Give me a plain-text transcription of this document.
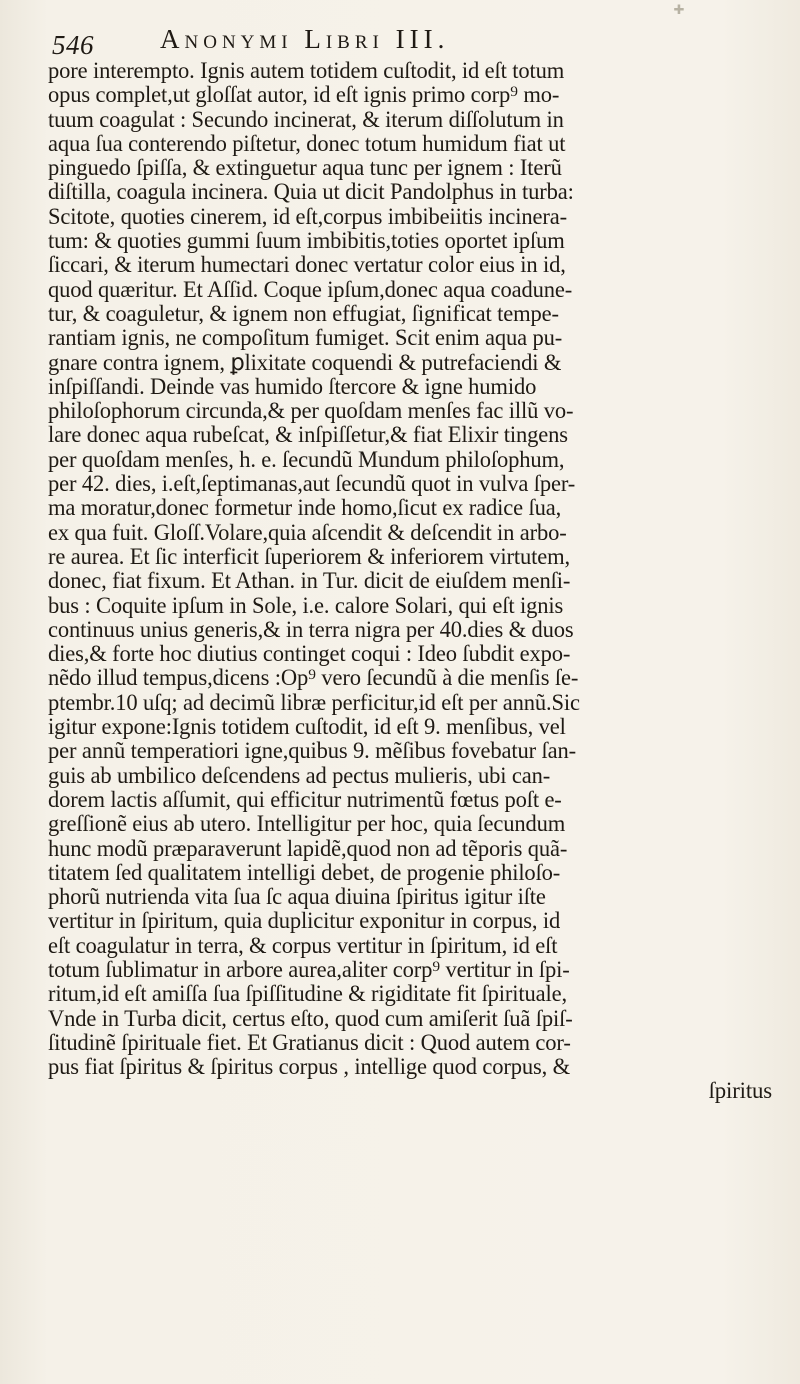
✚
546 Anonymi Libri III.
pore interempto. Ignis autem totidem cuſtodit, id eſt totum
opus complet,ut gloſſat autor, id eſt ignis primo corp⁹ mo-
tuum coagulat : Secundo incinerat, & iterum diſſolutum in
aqua ſua conterendo piſtetur, donec totum humidum fiat ut
pinguedo ſpiſſa, & extinguetur aqua tunc per ignem : Iterũ
diſtilla, coagula incinera. Quia ut dicit Pandolphus in turba:
Scitote, quoties cinerem, id eſt,corpus imbibeiitis incinera-
tum: & quoties gummi ſuum imbibitis,toties oportet ipſum
ſiccari, & iterum humectari donec vertatur color eius in id,
quod quæritur. Et Aſſid. Coque ipſum,donec aqua coadune-
tur, & coaguletur, & ignem non effugiat, ſignificat tempe-
rantiam ignis, ne compoſitum fumiget. Scit enim aqua pu-
gnare contra ignem, ꝑlixitate coquendi & putrefaciendi &
inſpiſſandi. Deinde vas humido ſtercore & igne humido
philoſophorum circunda,& per quoſdam menſes fac illũ vo-
lare donec aqua rubeſcat, & inſpiſſetur,& fiat Elixir tingens
per quoſdam menſes, h. e. ſecundũ Mundum philoſophum,
per 42. dies, i.eſt,ſeptimanas,aut ſecundũ quot in vulva ſper-
ma moratur,donec formetur inde homo,ſicut ex radice ſua,
ex qua fuit. Gloſſ.Volare,quia aſcendit & deſcendit in arbo-
re aurea. Et ſic interficit ſuperiorem & inferiorem virtutem,
donec, fiat fixum. Et Athan. in Tur. dicit de eiuſdem menſi-
bus : Coquite ipſum in Sole, i.e. calore Solari, qui eſt ignis
continuus unius generis,& in terra nigra per 40.dies & duos
dies,& forte hoc diutius continget coqui : Ideo ſubdit expo-
nẽdo illud tempus,dicens :Op⁹ vero ſecundũ à die menſis ſe-
ptembr.10 uſq; ad decimũ libræ perficitur,id eſt per annũ.Sic
igitur expone:Ignis totidem cuſtodit, id eſt 9. menſibus, vel
per annũ temperatiori igne,quibus 9. mẽſibus fovebatur ſan-
guis ab umbilico deſcendens ad pectus mulieris, ubi can-
dorem lactis aſſumit, qui efficitur nutrimentũ fœtus poſt e-
greſſionẽ eius ab utero. Intelligitur per hoc, quia ſecundum
hunc modũ præparaverunt lapidẽ,quod non ad tẽporis quã-
titatem ſed qualitatem intelligi debet, de progenie philoſo-
phorũ nutrienda vita ſua ſc aqua diuina ſpiritus igitur iſte
vertitur in ſpiritum, quia duplicitur exponitur in corpus, id
eſt coagulatur in terra, & corpus vertitur in ſpiritum, id eſt
totum ſublimatur in arbore aurea,aliter corp⁹ vertitur in ſpi-
ritum,id eſt amiſſa ſua ſpiſſitudine & rigiditate fit ſpirituale,
Vnde in Turba dicit, certus eſto, quod cum amiſerit ſuã ſpiſ-
ſitudinẽ ſpirituale fiet. Et Gratianus dicit : Quod autem cor-
pus fiat ſpiritus & ſpiritus corpus , intellige quod corpus, &
ſpiritus
